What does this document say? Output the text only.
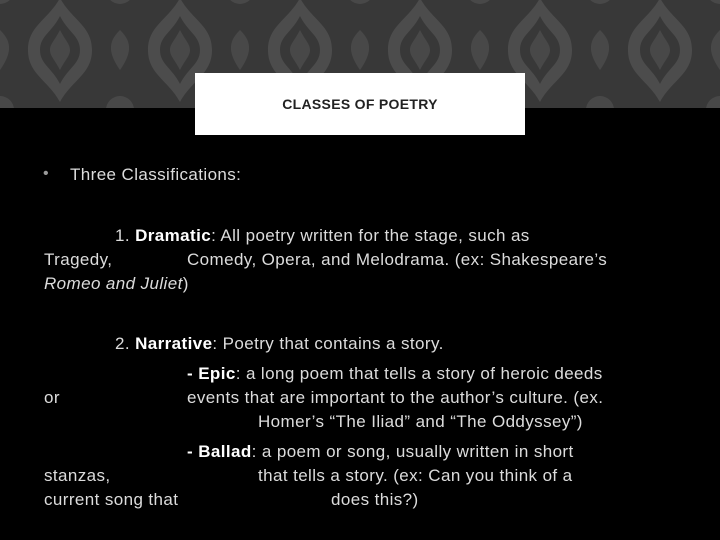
CLASSES OF POETRY
• Three Classifications:
1. Dramatic: All poetry written for the stage, such as
Tragedy,	Comedy, Opera, and Melodrama. (ex: Shakespeare’s
Romeo and Juliet)
2. Narrative: Poetry that contains a story.
- Epic: a long poem that tells a story of heroic deeds
or	events that are important to the author’s culture. (ex.
Homer’s “The Iliad” and “The Oddyssey”)
- Ballad: a poem or song, usually written in short
stanzas,	that tells a story. (ex: Can you think of a
current song that	does this?)
